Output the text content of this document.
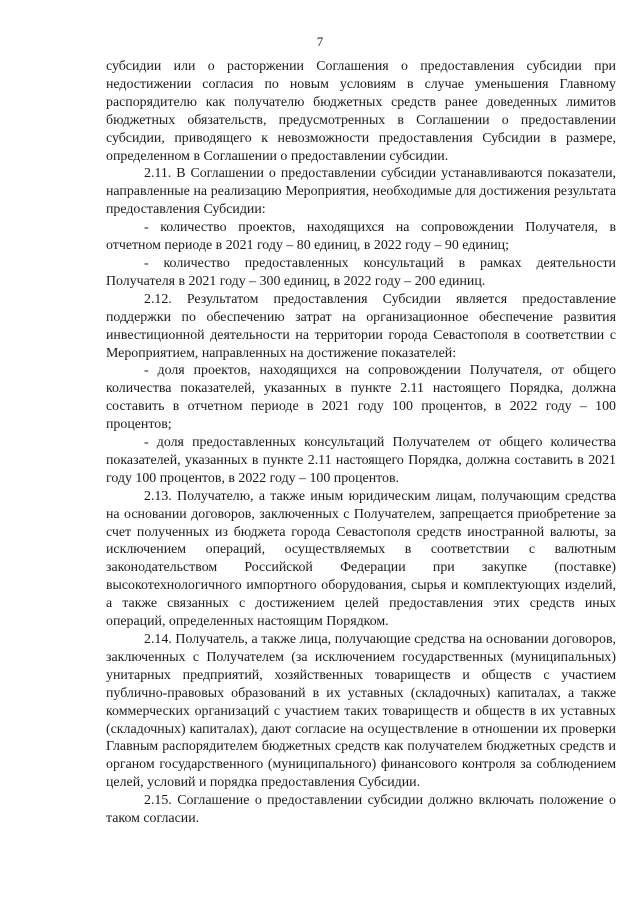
7

субсидии или о расторжении Соглашения о предоставления субсидии при недостижении согласия по новым условиям в случае уменьшения Главному распорядителю как получателю бюджетных средств ранее доведенных лимитов бюджетных обязательств, предусмотренных в Соглашении о предоставлении субсидии, приводящего к невозможности предоставления Субсидии в размере, определенном в Соглашении о предоставлении субсидии.

2.11. В Соглашении о предоставлении субсидии устанавливаются показатели, направленные на реализацию Мероприятия, необходимые для достижения результата предоставления Субсидии:

- количество проектов, находящихся на сопровождении Получателя, в отчетном периоде в 2021 году – 80 единиц, в 2022 году – 90 единиц;

- количество предоставленных консультаций в рамках деятельности Получателя в 2021 году – 300 единиц, в 2022 году – 200 единиц.

2.12. Результатом предоставления Субсидии является предоставление поддержки по обеспечению затрат на организационное обеспечение развития инвестиционной деятельности на территории города Севастополя в соответствии с Мероприятием, направленных на достижение показателей:

- доля проектов, находящихся на сопровождении Получателя, от общего количества показателей, указанных в пункте 2.11 настоящего Порядка, должна составить в отчетном периоде в 2021 году 100 процентов, в 2022 году – 100 процентов;

- доля предоставленных консультаций Получателем от общего количества показателей, указанных в пункте 2.11 настоящего Порядка, должна составить в 2021 году 100 процентов, в 2022 году – 100 процентов.

2.13. Получателю, а также иным юридическим лицам, получающим средства на основании договоров, заключенных с Получателем, запрещается приобретение за счет полученных из бюджета города Севастополя средств иностранной валюты, за исключением операций, осуществляемых в соответствии с валютным законодательством Российской Федерации при закупке (поставке) высокотехнологичного импортного оборудования, сырья и комплектующих изделий, а также связанных с достижением целей предоставления этих средств иных операций, определенных настоящим Порядком.

2.14. Получатель, а также лица, получающие средства на основании договоров, заключенных с Получателем (за исключением государственных (муниципальных) унитарных предприятий, хозяйственных товариществ и обществ с участием публично-правовых образований в их уставных (складочных) капиталах, а также коммерческих организаций с участием таких товариществ и обществ в их уставных (складочных) капиталах), дают согласие на осуществление в отношении их проверки Главным распорядителем бюджетных средств как получателем бюджетных средств и органом государственного (муниципального) финансового контроля за соблюдением целей, условий и порядка предоставления Субсидии.

2.15. Соглашение о предоставлении субсидии должно включать положение о таком согласии.
